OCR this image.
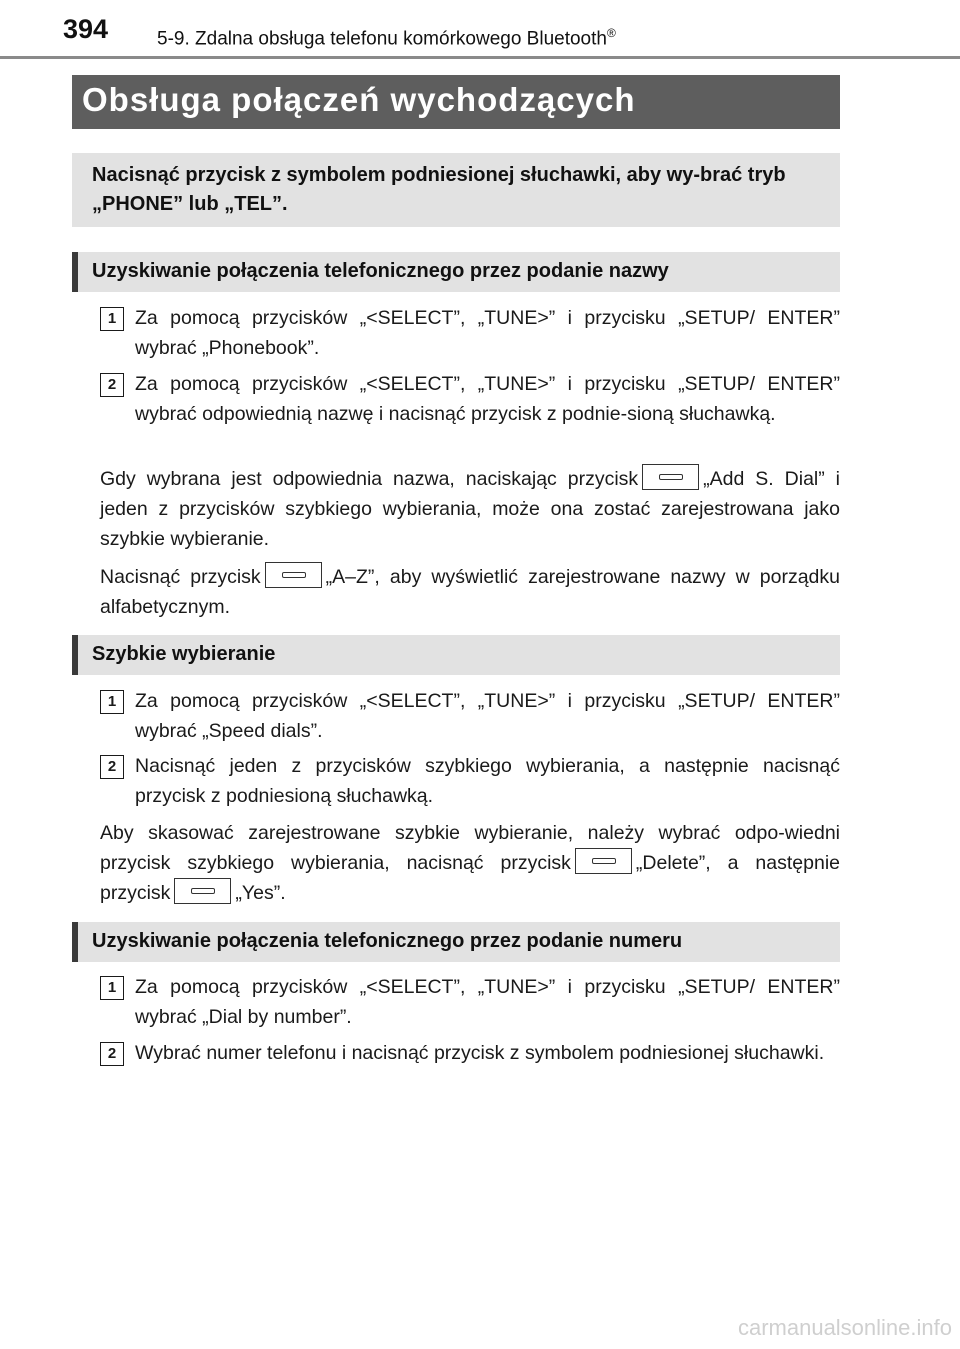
394	5-9. Zdalna obsługa telefonu komórkowego Bluetooth®
Obsługa połączeń wychodzących
Nacisnąć przycisk z symbolem podniesionej słuchawki, aby wy-brać tryb „PHONE” lub „TEL”.
Uzyskiwanie połączenia telefonicznego przez podanie nazwy
1 Za pomocą przycisków „<SELECT”, „TUNE>” i przycisku „SETUP/ ENTER” wybrać „Phonebook”.
2 Za pomocą przycisków „<SELECT”, „TUNE>” i przycisku „SETUP/ ENTER” wybrać odpowiednią nazwę i nacisnąć przycisk z podnie-sioną słuchawką.
Gdy wybrana jest odpowiednia nazwa, naciskając przycisk	„Add S. Dial” i jeden z przycisków szybkiego wybierania, może ona zostać zarejestrowana jako szybkie wybieranie.
Nacisnąć przycisk	„A–Z”, aby wyświetlić zarejestrowane nazwy w porządku alfabetycznym.
Szybkie wybieranie
1 Za pomocą przycisków „<SELECT”, „TUNE>” i przycisku „SETUP/ ENTER” wybrać „Speed dials”.
2 Nacisnąć jeden z przycisków szybkiego wybierania, a następnie nacisnąć przycisk z podniesioną słuchawką.
Aby skasować zarejestrowane szybkie wybieranie, należy wybrać odpo-wiedni przycisk szybkiego wybierania, nacisnąć przycisk	„Delete”, a następnie przycisk	„Yes”.
Uzyskiwanie połączenia telefonicznego przez podanie numeru
1 Za pomocą przycisków „<SELECT”, „TUNE>” i przycisku „SETUP/ ENTER” wybrać „Dial by number”.
2 Wybrać numer telefonu i nacisnąć przycisk z symbolem podniesionej słuchawki.
carmanualsonline.info
